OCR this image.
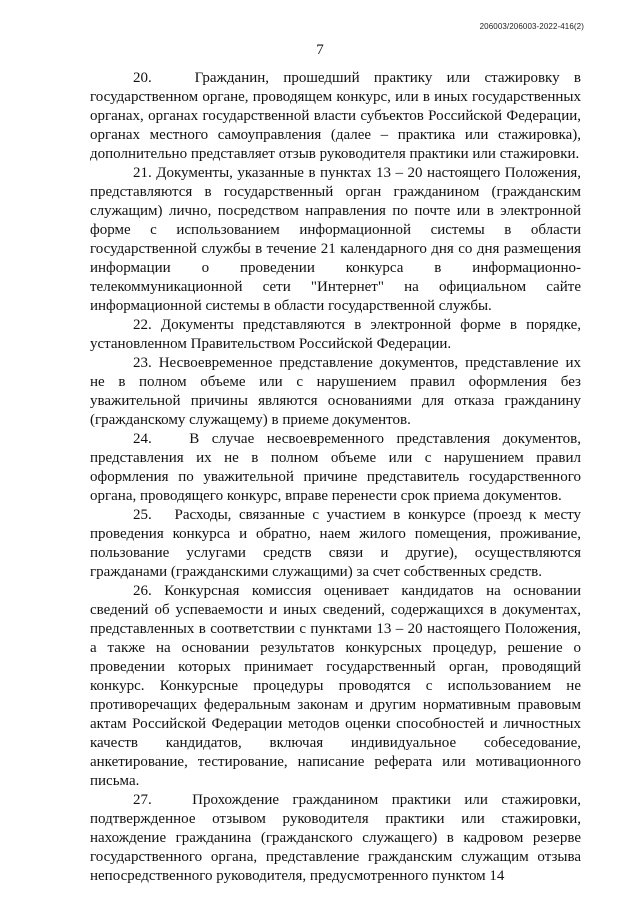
206003/206003-2022-416(2)
7

20.   Гражданин, прошедший практику или стажировку в государственном органе, проводящем конкурс, или в иных государственных органах, органах государственной власти субъектов Российской Федерации, органах местного самоуправления (далее – практика или стажировка), дополнительно представляет отзыв руководителя практики или стажировки.

21. Документы, указанные в пунктах 13 – 20 настоящего Положения, представляются в государственный орган гражданином (гражданским служащим) лично, посредством направления по почте или в электронной форме с использованием информационной системы в области государственной службы в течение 21 календарного дня со дня размещения информации о проведении конкурса в информационно-телекоммуникационной сети "Интернет" на официальном сайте информационной системы в области государственной службы.

22. Документы представляются в электронной форме в порядке, установленном Правительством Российской Федерации.

23. Несвоевременное представление документов, представление их не в полном объеме или с нарушением правил оформления без уважительной причины являются основаниями для отказа гражданину (гражданскому служащему) в приеме документов.

24.   В случае несвоевременного представления документов, представления их не в полном объеме или с нарушением правил оформления по уважительной причине представитель государственного органа, проводящего конкурс, вправе перенести срок приема документов.

25.   Расходы, связанные с участием в конкурсе (проезд к месту проведения конкурса и обратно, наем жилого помещения, проживание, пользование услугами средств связи и другие), осуществляются гражданами (гражданскими служащими) за счет собственных средств.

26. Конкурсная комиссия оценивает кандидатов на основании сведений об успеваемости и иных сведений, содержащихся в документах, представленных в соответствии с пунктами 13 – 20 настоящего Положения, а также на основании результатов конкурсных процедур, решение о проведении которых принимает государственный орган, проводящий конкурс. Конкурсные процедуры проводятся с использованием не противоречащих федеральным законам и другим нормативным правовым актам Российской Федерации методов оценки способностей и личностных качеств кандидатов, включая индивидуальное собеседование, анкетирование, тестирование, написание реферата или мотивационного письма.

27.   Прохождение гражданином практики или стажировки, подтвержденное отзывом руководителя практики или стажировки, нахождение гражданина (гражданского служащего) в кадровом резерве государственного органа, представление гражданским служащим отзыва непосредственного руководителя, предусмотренного пунктом 14
